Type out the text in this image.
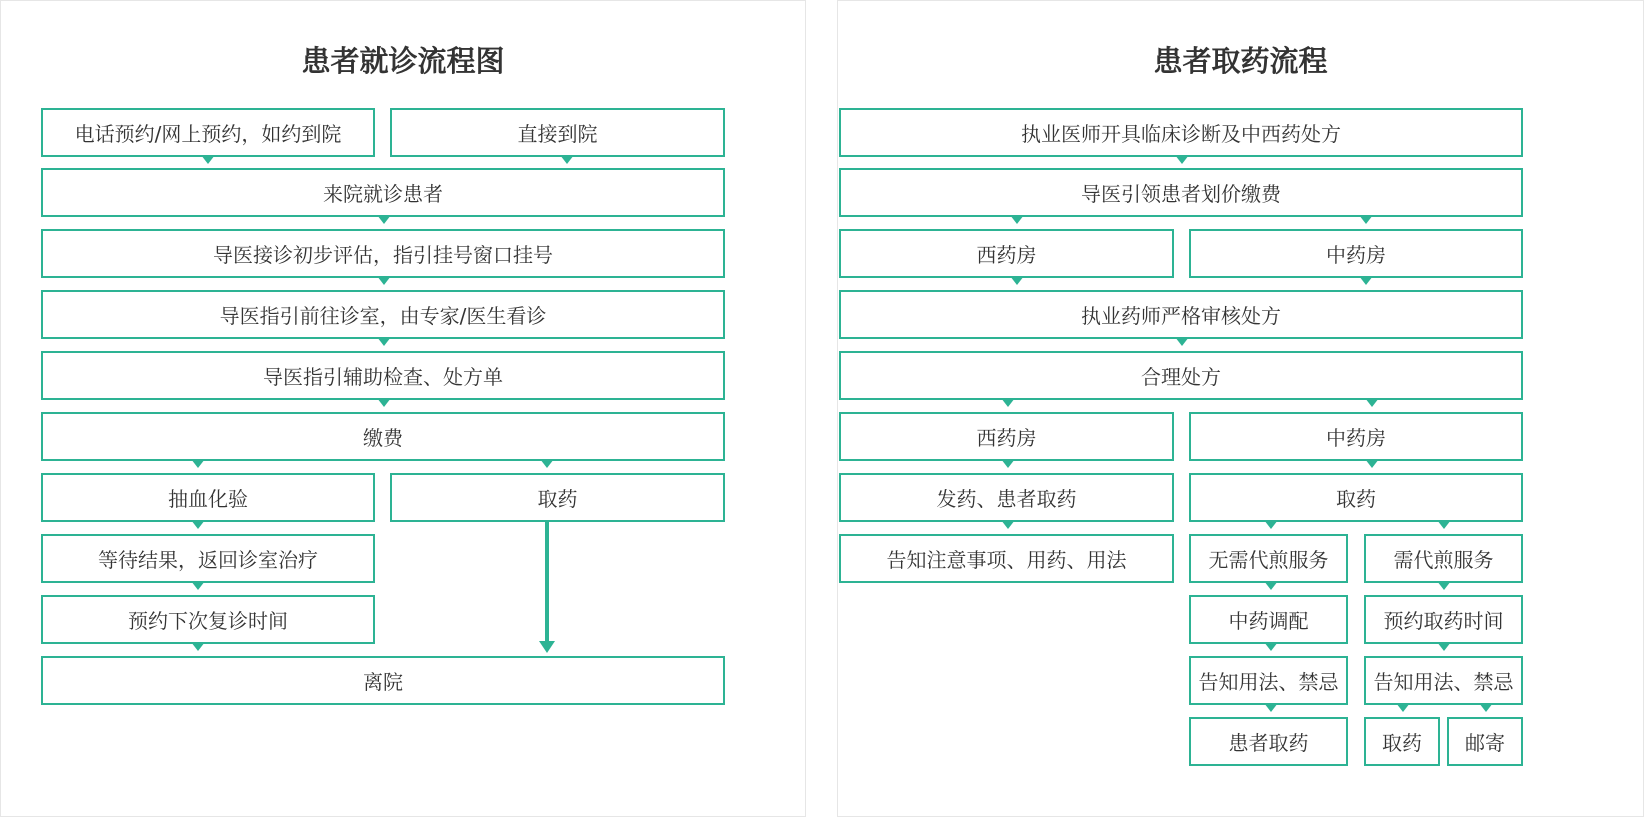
患者就诊流程图
电话预约/网上预约，如约到院	直接到院
来院就诊患者
导医接诊初步评估，指引挂号窗口挂号
导医指引前往诊室，由专家/医生看诊
导医指引辅助检查、处方单
缴费
抽血化验	取药
等待结果，返回诊室治疗
预约下次复诊时间
离院
患者取药流程
执业医师开具临床诊断及中西药处方
导医引领患者划价缴费
西药房	中药房
执业药师严格审核处方
合理处方
西药房	中药房
发药、患者取药	取药
告知注意事项、用药、用法	无需代煎服务	需代煎服务
中药调配	预约取药时间
告知用法、禁忌	告知用法、禁忌
患者取药	取药	邮寄
